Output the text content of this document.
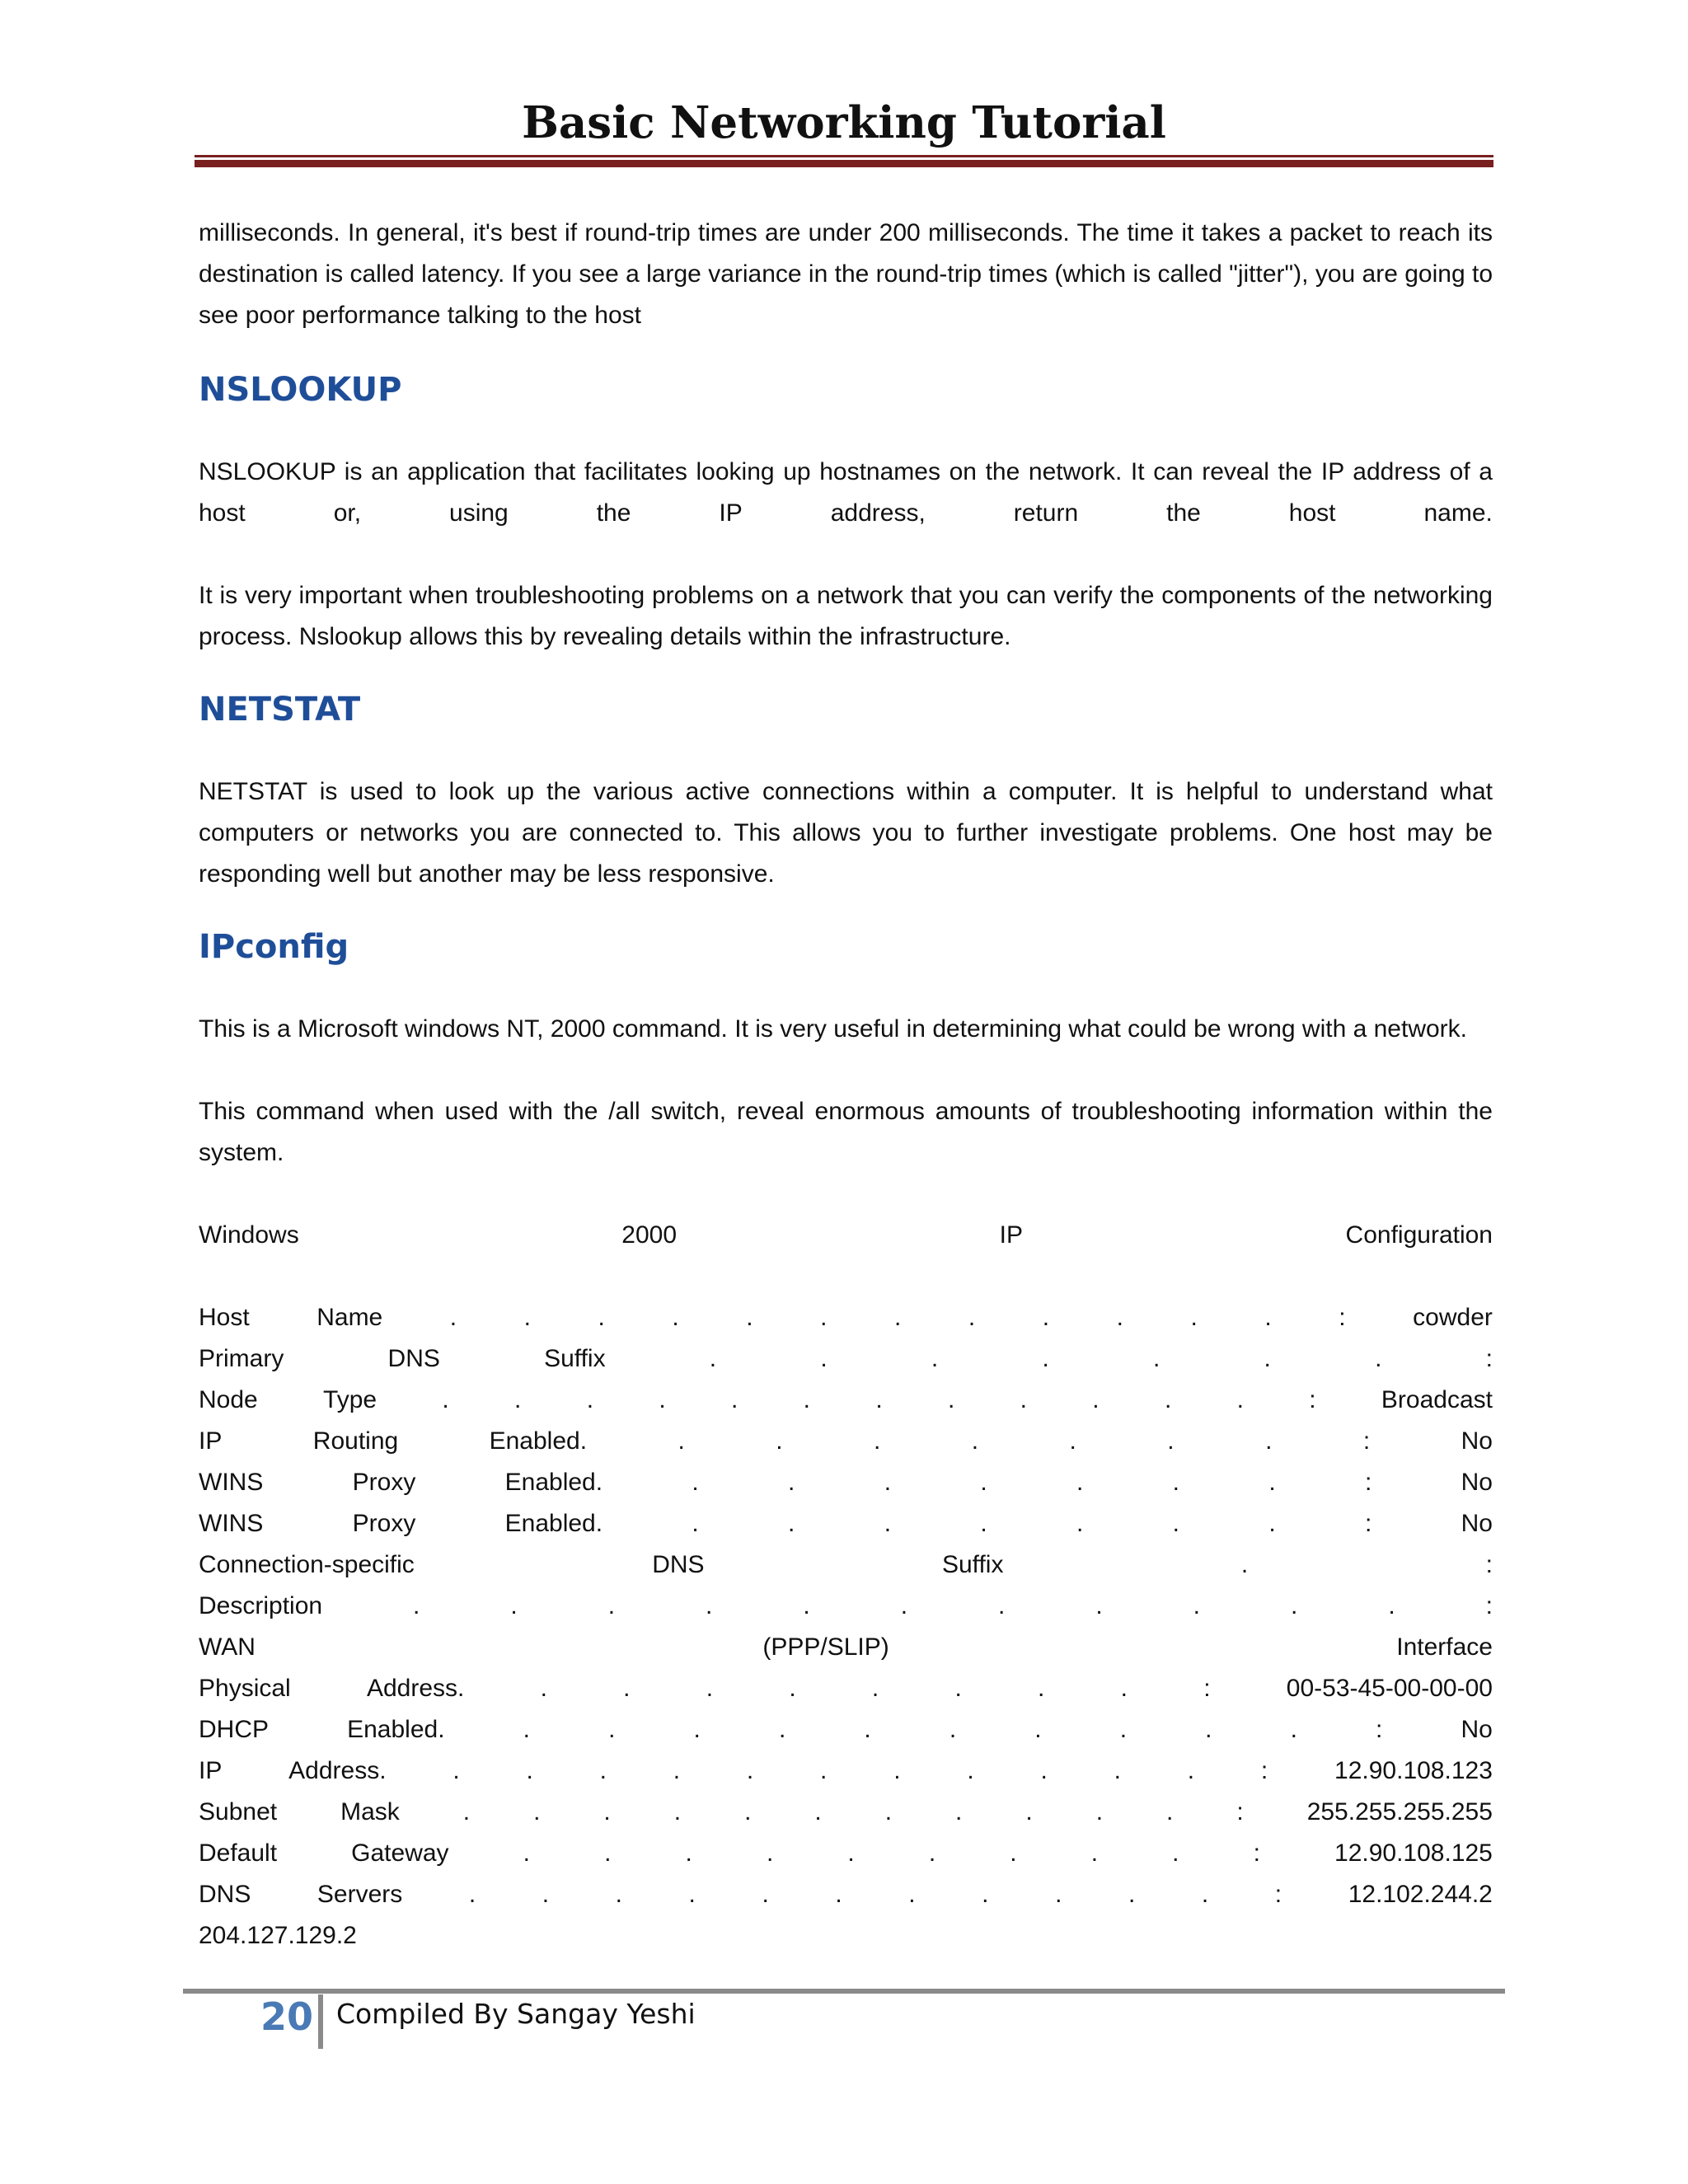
Basic Networking Tutorial

milliseconds. In general, it's best if round-trip times are under 200 milliseconds. The time it takes a packet to reach its destination is called latency. If you see a large variance in the round-trip times (which is called "jitter"), you are going to see poor performance talking to the host

NSLOOKUP

NSLOOKUP is an application that facilitates looking up hostnames on the network. It can reveal the IP address of a
host	or,	using	the	IP	address,	return	the	host	name.

It is very important when troubleshooting problems on a network that you can verify the components of the networking process. Nslookup allows this by revealing details within the infrastructure.

NETSTAT

NETSTAT is used to look up the various active connections within a computer. It is helpful to understand what computers or networks you are connected to. This allows you to further investigate problems. One host may be responding well but another may be less responsive.

IPconfig

This is a Microsoft windows NT, 2000 command. It is very useful in determining what could be wrong with a network.

This command when used with the /all switch, reveal enormous amounts of troubleshooting information within the system.

Windows	2000	IP	Configuration
Host	Name	.	.	.	.	.	.	.	.	.	.	.	.	:	cowder
Primary	DNS	Suffix	.	.	.	.	.	.	.	:
Node	Type	.	.	.	.	.	.	.	.	.	.	.	.	:	Broadcast
IP	Routing	Enabled.	.	.	.	.	.	.	.	:	No
WINS	Proxy	Enabled.	.	.	.	.	.	.	.	:	No
WINS	Proxy	Enabled.	.	.	.	.	.	.	.	:	No
Connection-specific	DNS	Suffix	.	:
Description	.	.	.	.	.	.	.	.	.	.	.	:
WAN	(PPP/SLIP)	Interface
Physical	Address.	.	.	.	.	.	.	.	.	:	00-53-45-00-00-00
DHCP	Enabled.	.	.	.	.	.	.	.	.	.	.	:	No
IP	Address.	.	.	.	.	.	.	.	.	.	.	.	:	12.90.108.123
Subnet	Mask	.	.	.	.	.	.	.	.	.	.	.	:	255.255.255.255
Default	Gateway	.	.	.	.	.	.	.	.	.	:	12.90.108.125
DNS	Servers	.	.	.	.	.	.	.	.	.	.	.	:	12.102.244.2
204.127.129.2
20 Compiled By Sangay Yeshi
